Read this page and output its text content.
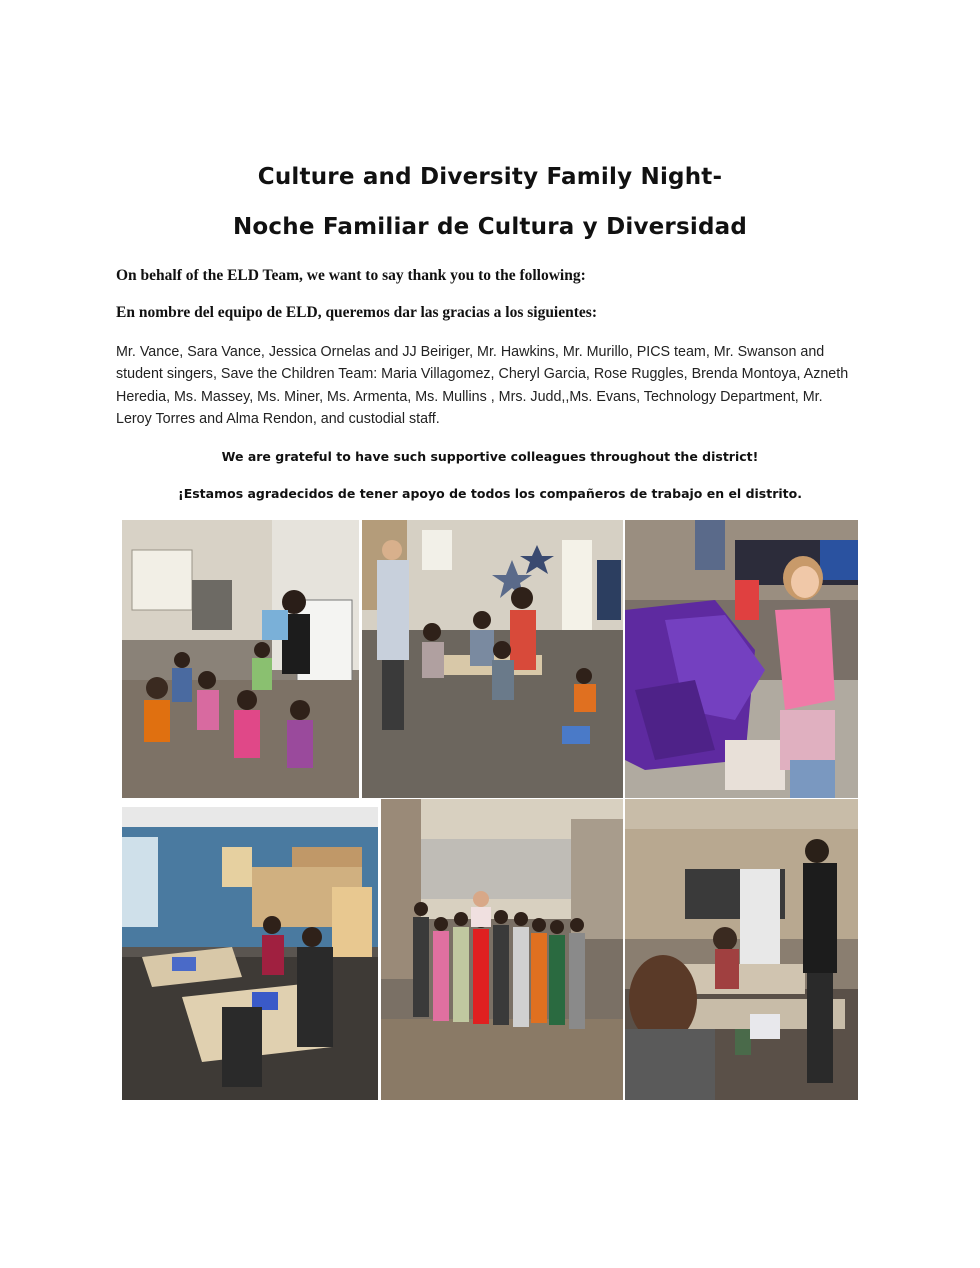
Culture and Diversity Family Night-
Noche Familiar de Cultura y Diversidad
On behalf of the ELD Team, we want to say thank you to the following:
En nombre del equipo de ELD, queremos dar las gracias a los siguientes:
Mr. Vance, Sara Vance, Jessica Ornelas and JJ Beiriger, Mr. Hawkins, Mr. Murillo, PICS team, Mr. Swanson and student singers, Save the Children Team: Maria Villagomez, Cheryl Garcia, Rose Ruggles, Brenda Montoya, Azneth Heredia, Ms. Massey, Ms. Miner, Ms. Armenta, Ms. Mullins , Mrs. Judd,,Ms. Evans, Technology Department, Mr. Leroy Torres and Alma Rendon, and custodial staff.
We are grateful to have such supportive colleagues throughout the district!
¡Estamos agradecidos de tener apoyo de todos los compañeros de trabajo en el distrito.
